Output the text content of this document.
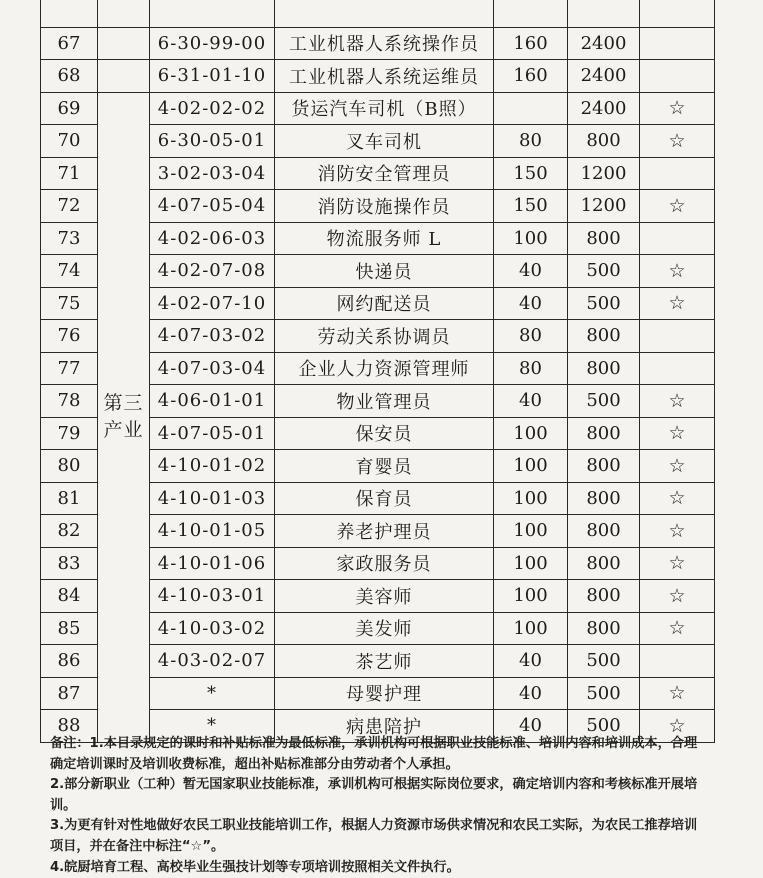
67		6-30-99-00	工业机器人系统操作员	160	2400	
68		6-31-01-10	工业机器人系统运维员	160	2400	
69	第三产业	4-02-02-02	货运汽车司机（B照）		2400	☆
70		6-30-05-01	叉车司机	80	800	☆
71		3-02-03-04	消防安全管理员	150	1200	
72		4-07-05-04	消防设施操作员	150	1200	☆
73		4-02-06-03	物流服务师 L	100	800	
74		4-02-07-08	快递员	40	500	☆
75		4-02-07-10	网约配送员	40	500	☆
76		4-07-03-02	劳动关系协调员	80	800	
77		4-07-03-04	企业人力资源管理师	80	800	
78		4-06-01-01	物业管理员	40	500	☆
79		4-07-05-01	保安员	100	800	☆
80		4-10-01-02	育婴员	100	800	☆
81		4-10-01-03	保育员	100	800	☆
82		4-10-01-05	养老护理员	100	800	☆
83		4-10-01-06	家政服务员	100	800	☆
84		4-10-03-01	美容师	100	800	☆
85		4-10-03-02	美发师	100	800	☆
86		4-03-02-07	茶艺师	40	500	
87		*	母婴护理	40	500	☆
88		*	病患陪护	40	500	☆

备注：1.本目录规定的课时和补贴标准为最低标准，承训机构可根据职业技能标准、培训内容和培训成本，合理确定培训课时及培训收费标准，超出补贴标准部分由劳动者个人承担。

2.部分新职业（工种）暂无国家职业技能标准，承训机构可根据实际岗位要求，确定培训内容和考核标准开展培训。

3.为更有针对性地做好农民工职业技能培训工作，根据人力资源市场供求情况和农民工实际，为农民工推荐培训项目，并在备注中标注“☆”。

4.皖厨培育工程、高校毕业生强技计划等专项培训按照相关文件执行。
